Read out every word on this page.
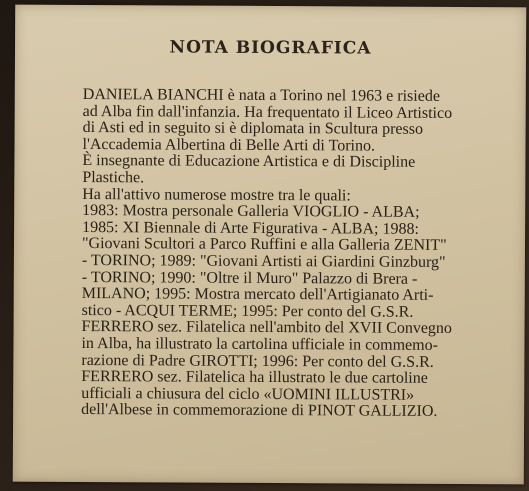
NOTA BIOGRAFICA
DANIELA BIANCHI è nata a Torino nel 1963 e risiede
ad Alba fin dall'infanzia. Ha frequentato il Liceo Artistico
di Asti ed in seguito si è diplomata in Scultura presso
l'Accademia Albertina di Belle Arti di Torino.
È insegnante di Educazione Artistica e di Discipline
Plastiche.
Ha all'attivo numerose mostre tra le quali:
1983: Mostra personale Galleria VIOGLIO - ALBA;
1985: XI Biennale di Arte Figurativa - ALBA; 1988:
"Giovani Scultori a Parco Ruffini e alla Galleria ZENIT"
- TORINO; 1989: "Giovani Artisti ai Giardini Ginzburg"
- TORINO; 1990: "Oltre il Muro" Palazzo di Brera -
MILANO; 1995: Mostra mercato dell'Artigianato Arti-
stico - ACQUI TERME; 1995: Per conto del G.S.R.
FERRERO sez. Filatelica nell'ambito del XVII Convegno
in Alba, ha illustrato la cartolina ufficiale in commemo-
razione di Padre GIROTTI; 1996: Per conto del G.S.R.
FERRERO sez. Filatelica ha illustrato le due cartoline
ufficiali a chiusura del ciclo «UOMINI ILLUSTRI»
dell'Albese in commemorazione di PINOT GALLIZIO.
